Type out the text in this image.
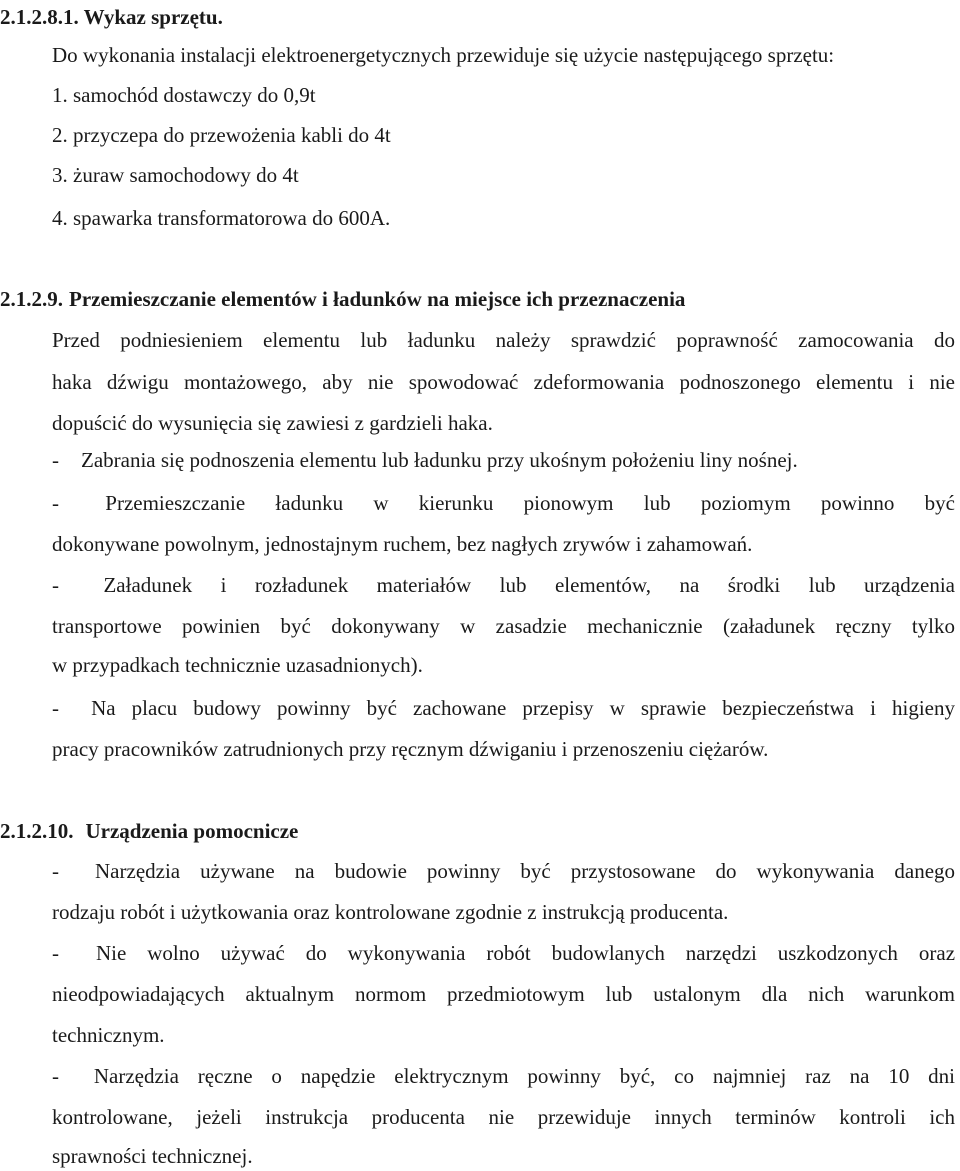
2.1.2.8.1. Wykaz sprzętu.
Do wykonania instalacji elektroenergetycznych przewiduje się użycie następującego sprzętu:
1. samochód dostawczy do 0,9t
2. przyczepa do przewożenia kabli do 4t
3. żuraw samochodowy do 4t
4. spawarka transformatorowa do 600A.
2.1.2.9. Przemieszczanie elementów i ładunków na miejsce ich przeznaczenia
Przed podniesieniem elementu lub ładunku należy sprawdzić poprawność zamocowania do
haka dźwigu montażowego, aby nie spowodować zdeformowania podnoszonego elementu i nie
dopuścić do wysunięcia się zawiesi z gardzieli haka.
- Zabrania się podnoszenia elementu lub ładunku przy ukośnym położeniu liny nośnej.
- Przemieszczanie ładunku w kierunku pionowym lub poziomym powinno być
dokonywane powolnym, jednostajnym ruchem, bez nagłych zrywów i zahamowań.
- Załadunek i rozładunek materiałów lub elementów, na środki lub urządzenia
transportowe powinien być dokonywany w zasadzie mechanicznie (załadunek ręczny tylko
w przypadkach technicznie uzasadnionych).
- Na placu budowy powinny być zachowane przepisy w sprawie bezpieczeństwa i higieny
pracy pracowników zatrudnionych przy ręcznym dźwiganiu i przenoszeniu ciężarów.
2.1.2.10. Urządzenia pomocnicze
- Narzędzia używane na budowie powinny być przystosowane do wykonywania danego
rodzaju robót i użytkowania oraz kontrolowane zgodnie z instrukcją producenta.
- Nie wolno używać do wykonywania robót budowlanych narzędzi uszkodzonych oraz
nieodpowiadających aktualnym normom przedmiotowym lub ustalonym dla nich warunkom
technicznym.
- Narzędzia ręczne o napędzie elektrycznym powinny być, co najmniej raz na 10 dni
kontrolowane, jeżeli instrukcja producenta nie przewiduje innych terminów kontroli ich
sprawności technicznej.
